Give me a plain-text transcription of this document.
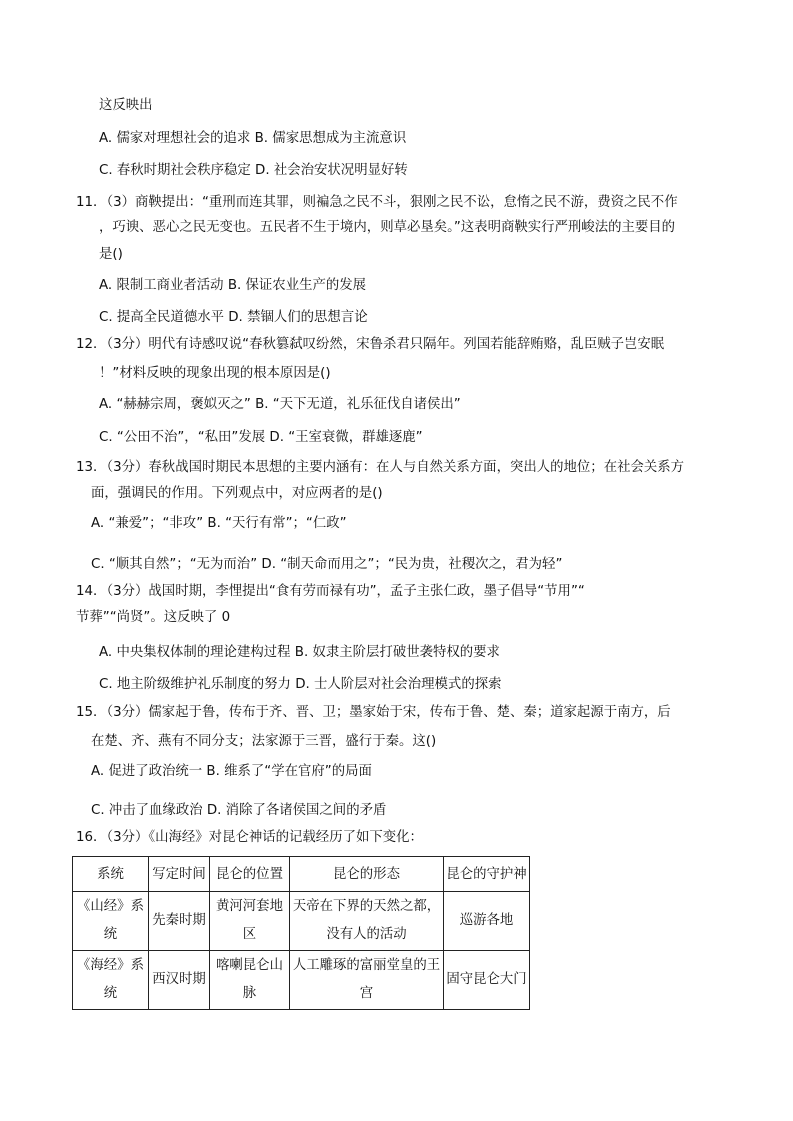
这反映出
A. 儒家对理想社会的追求 B. 儒家思想成为主流意识
C. 春秋时期社会秩序稳定 D. 社会治安状况明显好转
11．（3）商鞅提出：“重刑而连其罪，则褊急之民不斗，狠刚之民不讼，怠惰之民不游，费资之民不作
，巧谀、恶心之民无变也。五民者不生于境内，则草必垦矣。”这表明商鞅实行严刑峻法的主要目的
是()
A. 限制工商业者活动 B. 保证农业生产的发展
C. 提高全民道德水平 D. 禁锢人们的思想言论
12．（3分）明代有诗感叹说“春秋篡弑叹纷然，宋鲁杀君只隔年。列国若能辞贿赂，乱臣贼子岂安眠
！”材料反映的现象出现的根本原因是()
A. “赫赫宗周，褒姒灭之” B. “天下无道，礼乐征伐自诸侯出”
C. “公田不治”，“私田”发展 D. “王室衰微，群雄逐鹿”
13．（3分）春秋战国时期民本思想的主要内涵有：在人与自然关系方面，突出人的地位；在社会关系方
面，强调民的作用。下列观点中，对应两者的是()
A. “兼爱”；“非攻” B. “天行有常”；“仁政”
C. “顺其自然”；“无为而治” D. “制天命而用之”；“民为贵，社稷次之，君为轻”
14．（3分）战国时期，李悝提出“食有劳而禄有功”，孟子主张仁政，墨子倡导“节用”“
节葬”“尚贤”。这反映了 0
A. 中央集权体制的理论建构过程 B. 奴隶主阶层打破世袭特权的要求
C. 地主阶级维护礼乐制度的努力 D. 士人阶层对社会治理模式的探索
15．（3分）儒家起于鲁，传布于齐、晋、卫；墨家始于宋，传布于鲁、楚、秦；道家起源于南方，后
在楚、齐、燕有不同分支；法家源于三晋，盛行于秦。这()
A. 促进了政治统一 B. 维系了“学在官府”的局面
C. 冲击了血缘政治 D. 消除了各诸侯国之间的矛盾
16．（3分）《山海经》对昆仑神话的记载经历了如下变化：
系统	写定时间	昆仑的位置	昆仑的形态	昆仑的守护神
《山经》系统	先秦时期	黄河河套地区	天帝在下界的天然之都，没有人的活动	巡游各地
《海经》系统	西汉时期	喀喇昆仑山脉	人工雕琢的富丽堂皇的王宫	固守昆仑大门
